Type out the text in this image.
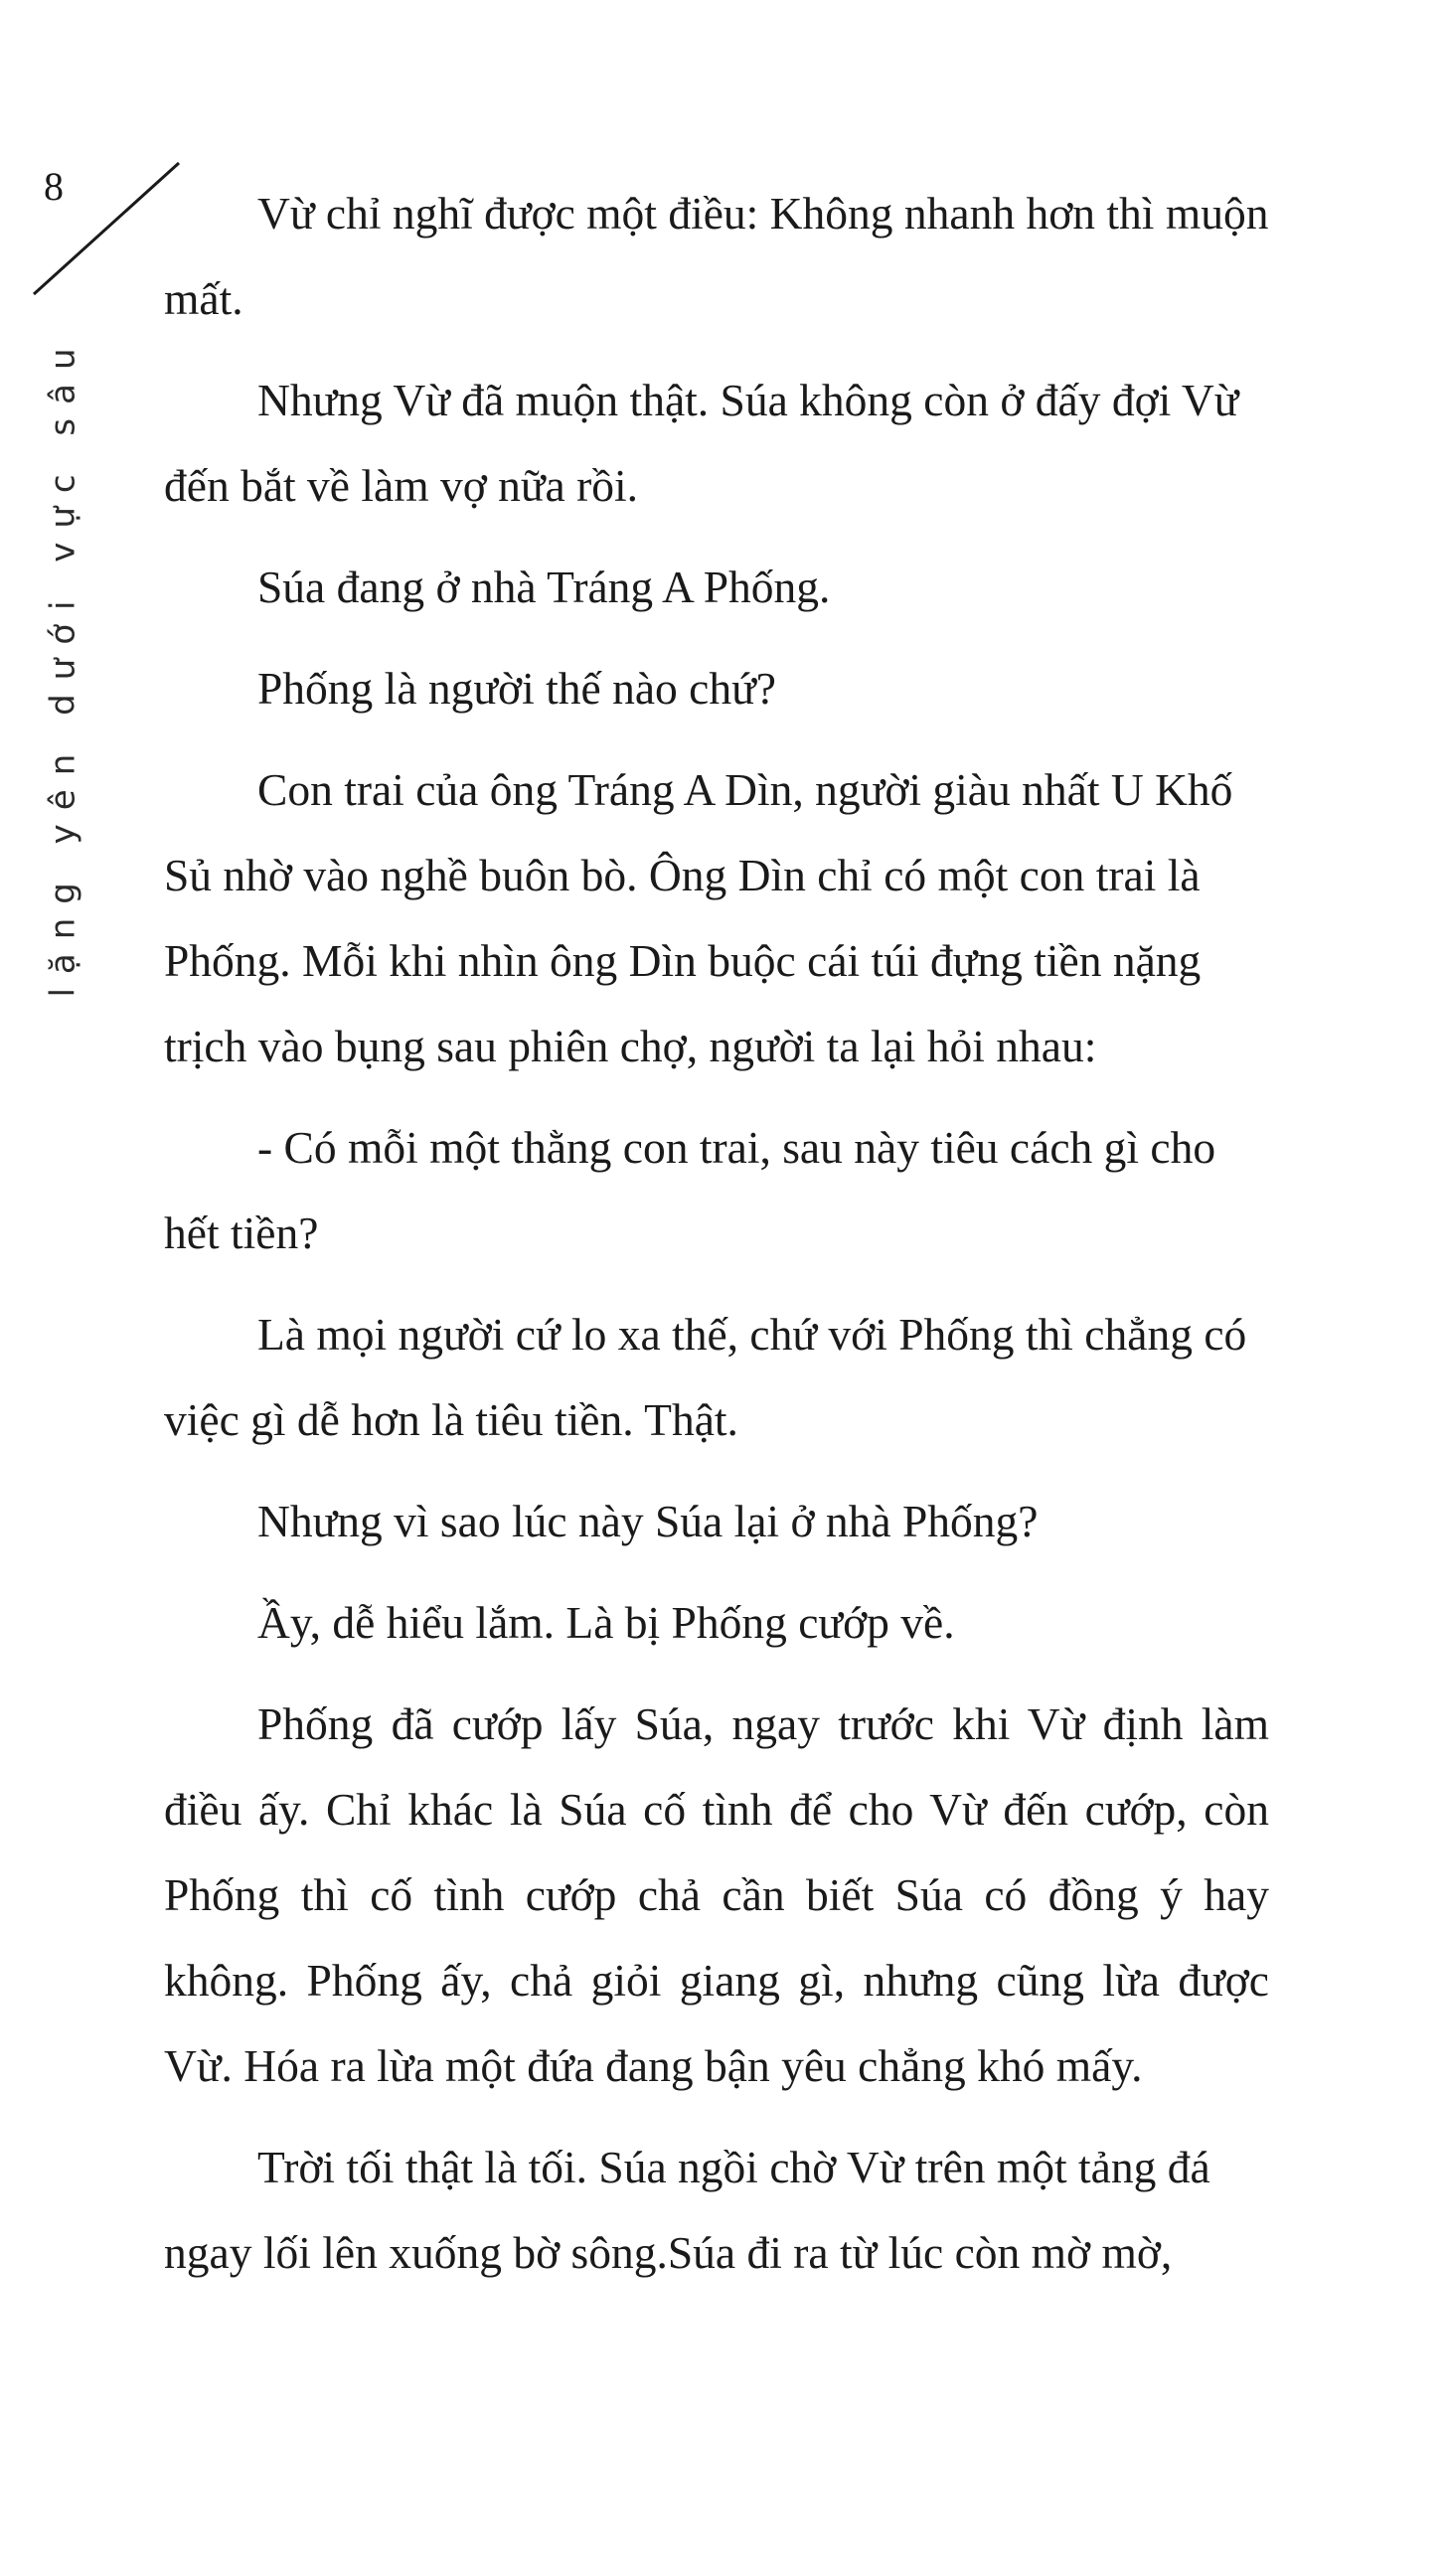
8
lặng yên dưới vực sâu

Vừ chỉ nghĩ được một điều: Không nhanh hơn thì muộn mất.

Nhưng Vừ đã muộn thật. Súa không còn ở đấy đợi Vừ đến bắt về làm vợ nữa rồi.

Súa đang ở nhà Tráng A Phống.

Phống là người thế nào chứ?

Con trai của ông Tráng A Dìn, người giàu nhất U Khố Sủ nhờ vào nghề buôn bò. Ông Dìn chỉ có một con trai là Phống. Mỗi khi nhìn ông Dìn buộc cái túi đựng tiền nặng trịch vào bụng sau phiên chợ, người ta lại hỏi nhau:

- Có mỗi một thằng con trai, sau này tiêu cách gì cho hết tiền?

Là mọi người cứ lo xa thế, chứ với Phống thì chẳng có việc gì dễ hơn là tiêu tiền. Thật.

Nhưng vì sao lúc này Súa lại ở nhà Phống?

Ầy, dễ hiểu lắm. Là bị Phống cướp về.

Phống đã cướp lấy Súa, ngay trước khi Vừ định làm điều ấy. Chỉ khác là Súa cố tình để cho Vừ đến cướp, còn Phống thì cố tình cướp chả cần biết Súa có đồng ý hay không. Phống ấy, chả giỏi giang gì, nhưng cũng lừa được Vừ. Hóa ra lừa một đứa đang bận yêu chẳng khó mấy.

Trời tối thật là tối. Súa ngồi chờ Vừ trên một tảng đá ngay lối lên xuống bờ sông.Súa đi ra từ lúc còn mờ mờ,
